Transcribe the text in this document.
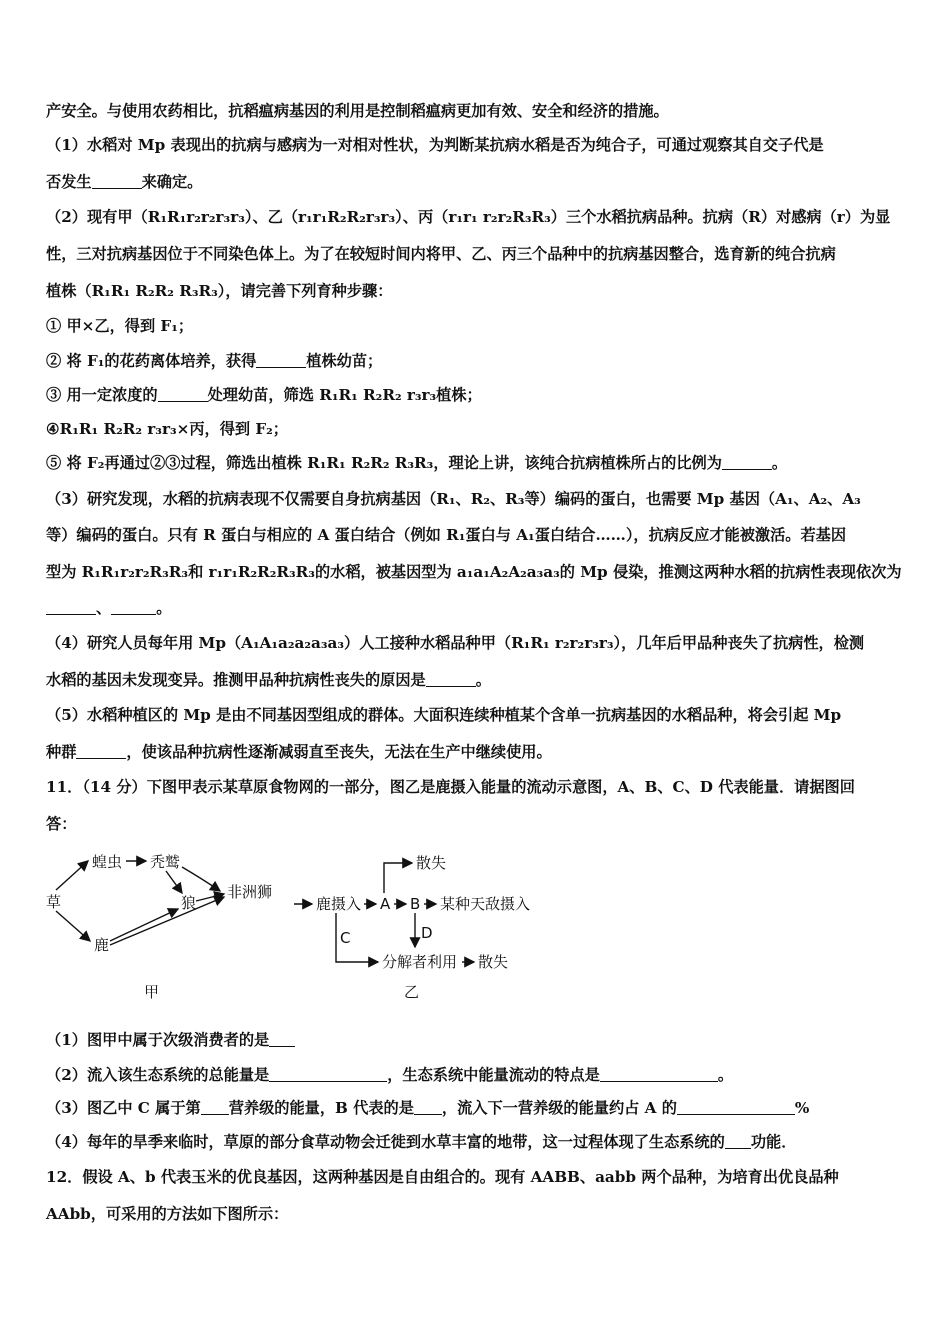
产安全。与使用农药相比，抗稻瘟病基因的利用是控制稻瘟病更加有效、安全和经济的措施。
（1）水稻对 Mp 表现出的抗病与感病为一对相对性状，为判断某抗病水稻是否为纯合子，可通过观察其自交子代是
否发生	来确定。
（2）现有甲（R₁R₁r₂r₂r₃r₃）、乙（r₁r₁R₂R₂r₃r₃）、丙（r₁r₁ r₂r₂R₃R₃）三个水稻抗病品种。抗病（R）对感病（r）为显
性，三对抗病基因位于不同染色体上。为了在较短时间内将甲、乙、丙三个品种中的抗病基因整合，选育新的纯合抗病
植株（R₁R₁ R₂R₂ R₃R₃），请完善下列育种步骤：
① 甲×乙，得到 F₁；
② 将 F₁的花药离体培养，获得	植株幼苗；
③ 用一定浓度的	处理幼苗，筛选 R₁R₁ R₂R₂ r₃r₃植株；
④R₁R₁ R₂R₂ r₃r₃×丙，得到 F₂；
⑤ 将 F₂再通过②③过程，筛选出植株 R₁R₁ R₂R₂ R₃R₃，理论上讲，该纯合抗病植株所占的比例为	。
（3）研究发现，水稻的抗病表现不仅需要自身抗病基因（R₁、R₂、R₃等）编码的蛋白，也需要 Mp 基因（A₁、A₂、A₃
等）编码的蛋白。只有 R 蛋白与相应的 A 蛋白结合（例如 R₁蛋白与 A₁蛋白结合……），抗病反应才能被激活。若基因
型为 R₁R₁r₂r₂R₃R₃和 r₁r₁R₂R₂R₃R₃的水稻，被基因型为 a₁a₁A₂A₂a₃a₃的 Mp 侵染，推测这两种水稻的抗病性表现依次为
、	。
（4）研究人员每年用 Mp（A₁A₁a₂a₂a₃a₃）人工接种水稻品种甲（R₁R₁ r₂r₂r₃r₃），几年后甲品种丧失了抗病性，检测
水稻的基因未发现变异。推测甲品种抗病性丧失的原因是	。
（5）水稻种植区的 Mp 是由不同基因型组成的群体。大面积连续种植某个含单一抗病基因的水稻品种，将会引起 Mp
种群	，使该品种抗病性逐渐减弱直至丧失，无法在生产中继续使用。
11．（14 分）下图甲表示某草原食物网的一部分，图乙是鹿摄入能量的流动示意图，A、B、C、D 代表能量．请据图回
答：
草
蝗虫
鹿
秃鹫
狼
非洲狮
甲
鹿摄入 A B 某种天敌摄入
散失
D
C
分解者利用 散失
乙
（1）图甲中属于次级消费者的是
（2）流入该生态系统的总能量是	，生态系统中能量流动的特点是	。
（3）图乙中 C 属于第 营养级的能量，B 代表的是 ，流入下一营养级的能量约占 A 的	%
（4）每年的旱季来临时，草原的部分食草动物会迁徙到水草丰富的地带，这一过程体现了生态系统的 功能．
12．假设 A、b 代表玉米的优良基因，这两种基因是自由组合的。现有 AABB、aabb 两个品种，为培育出优良品种
AAbb，可采用的方法如下图所示：
